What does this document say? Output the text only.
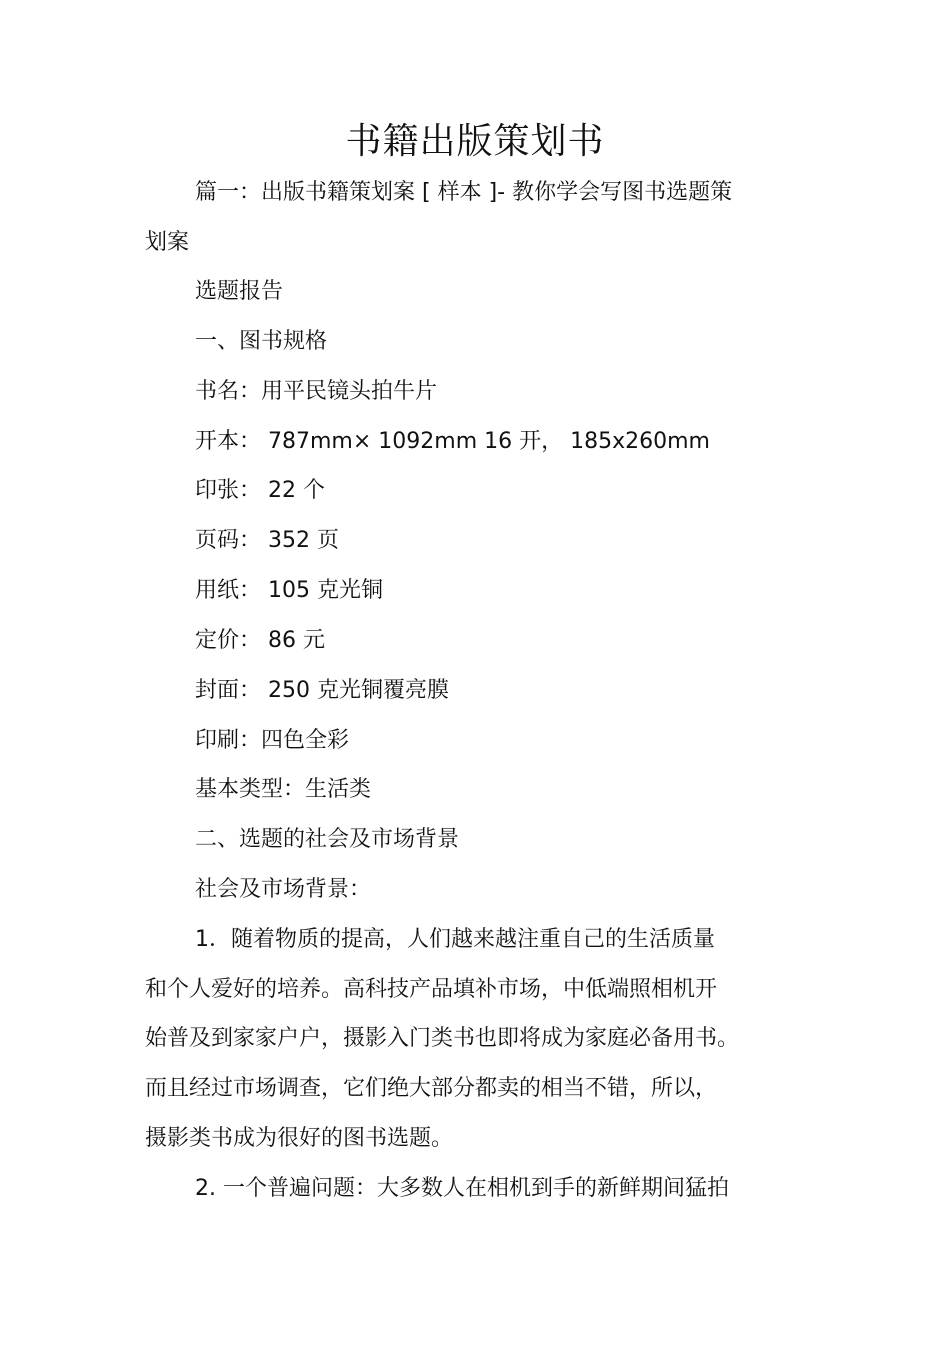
书籍出版策划书
篇一：出版书籍策划案 [ 样本 ]- 教你学会写图书选题策
划案
选题报告
一、图书规格
书名：用平民镜头拍牛片
开本： 787mm× 1092mm 16 开， 185x260mm
印张： 22 个
页码： 352 页
用纸： 105 克光铜
定价： 86 元
封面： 250 克光铜覆亮膜
印刷：四色全彩
基本类型：生活类
二、选题的社会及市场背景
社会及市场背景：
1．随着物质的提高，人们越来越注重自己的生活质量
和个人爱好的培养。高科技产品填补市场，中低端照相机开
始普及到家家户户，摄影入门类书也即将成为家庭必备用书。
而且经过市场调查，它们绝大部分都卖的相当不错，所以，
摄影类书成为很好的图书选题。
2. 一个普遍问题：大多数人在相机到手的新鲜期间猛拍
